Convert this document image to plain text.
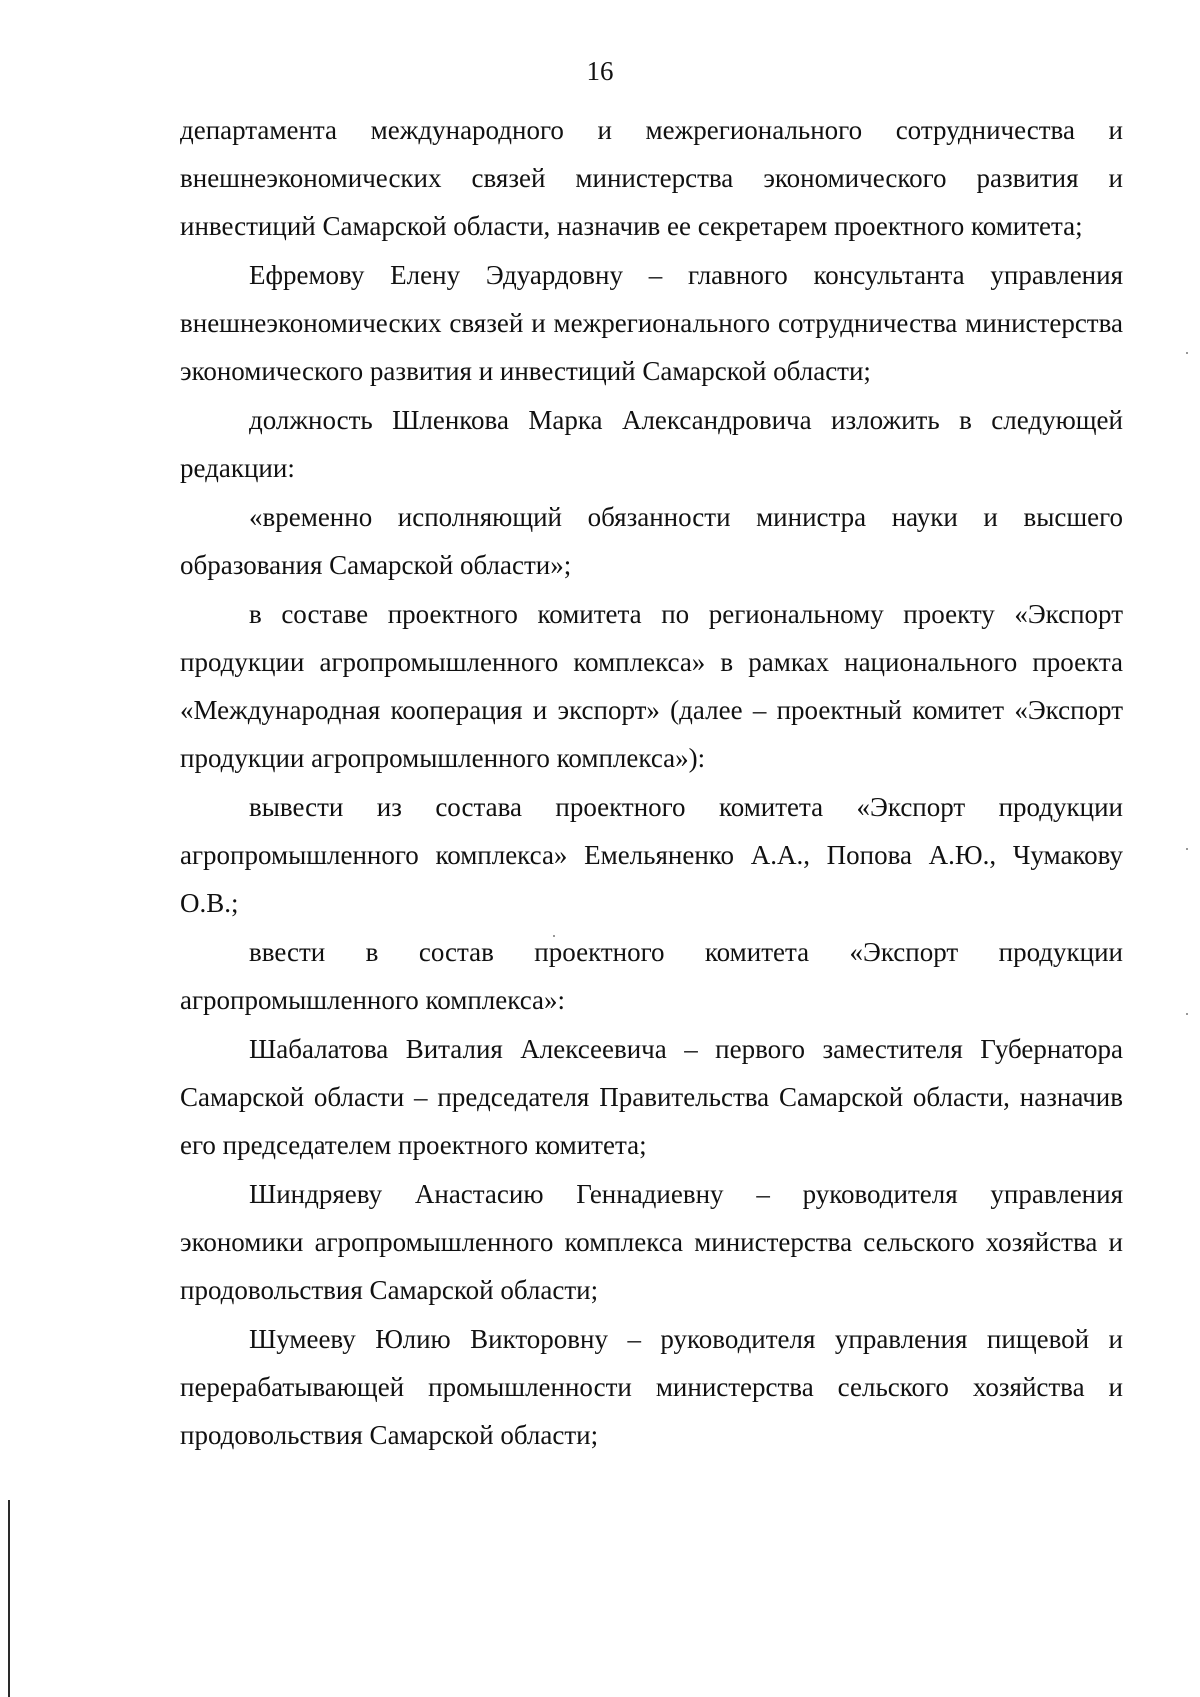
16

департамента международного и межрегионального сотрудничества и внешнеэкономических связей министерства экономического развития и инвестиций Самарской области, назначив ее секретарем проектного комитета;

Ефремову Елену Эдуардовну – главного консультанта управления внешнеэкономических связей и межрегионального сотрудничества министерства экономического развития и инвестиций Самарской области;

должность Шленкова Марка Александровича изложить в следующей редакции:

«временно исполняющий обязанности министра науки и высшего образования Самарской области»;

в составе проектного комитета по региональному проекту «Экспорт продукции агропромышленного комплекса» в рамках национального проекта «Международная кооперация и экспорт» (далее – проектный комитет «Экспорт продукции агропромышленного комплекса»):

вывести из состава проектного комитета «Экспорт продукции агропромышленного комплекса» Емельяненко А.А., Попова А.Ю., Чумакову О.В.;

ввести в состав проектного комитета «Экспорт продукции агропромышленного комплекса»:

Шабалатова Виталия Алексеевича – первого заместителя Губернатора Самарской области – председателя Правительства Самарской области, назначив его председателем проектного комитета;

Шиндряеву Анастасию Геннадиевну – руководителя управления экономики агропромышленного комплекса министерства сельского хозяйства и продовольствия Самарской области;

Шумееву Юлию Викторовну – руководителя управления пищевой и перерабатывающей промышленности министерства сельского хозяйства и продовольствия Самарской области;
